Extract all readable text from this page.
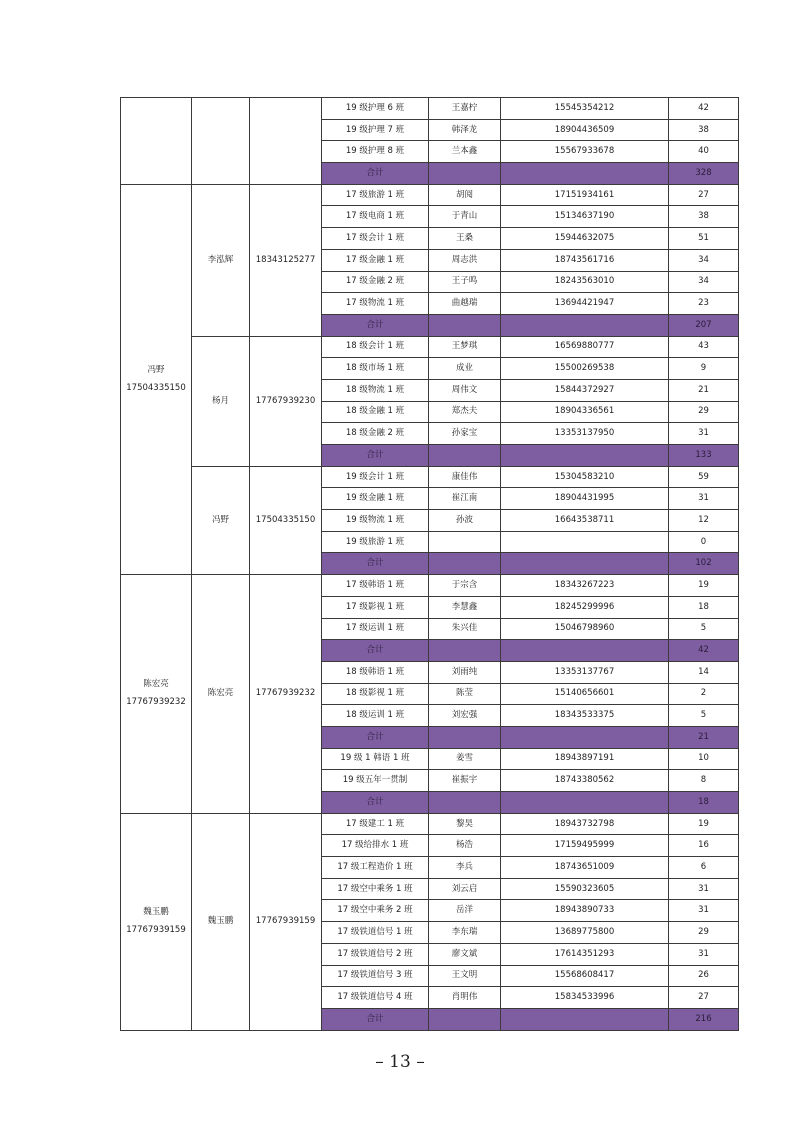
			19 级护理 6 班	王嘉柠	15545354212	42
			19 级护理 7 班	韩泽龙	18904436509	38
			19 级护理 8 班	兰本鑫	15567933678	40
			合计			328

冯野
17504335150	李泓辉	18343125277	17 级旅游 1 班	胡阅	17151934161	27
			17 级电商 1 班	于青山	15134637190	38
			17 级会计 1 班	王桑	15944632075	51
			17 级金融 1 班	周志洪	18743561716	34
			17 级金融 2 班	王子鸣	18243563010	34
			17 级物流 1 班	曲越瑞	13694421947	23
			合计			207
	杨月	17767939230	18 级会计 1 班	王梦琪	16569880777	43
			18 级市场 1 班	成业	15500269538	9
			18 级物流 1 班	周伟文	15844372927	21
			18 级金融 1 班	郑杰夫	18904336561	29
			18 级金融 2 班	孙家宝	13353137950	31
			合计			133
	冯野	17504335150	19 级会计 1 班	康佳伟	15304583210	59
			19 级金融 1 班	崔江南	18904431995	31
			19 级物流 1 班	孙波	16643538711	12
			19 级旅游 1 班			0
			合计			102

陈宏亮
17767939232	陈宏亮	17767939232	17 级韩语 1 班	于宗含	18343267223	19
			17 级影视 1 班	李慧鑫	18245299996	18
			17 级运训 1 班	朱兴佳	15046798960	5
			合计			42
			18 级韩语 1 班	刘雨纯	13353137767	14
			18 级影视 1 班	陈莹	15140656601	2
			18 级运训 1 班	刘宏强	18343533375	5
			合计			21
			19 级 1 韩语 1 班	姜雪	18943897191	10
			19 级五年一贯制	崔振宇	18743380562	8
			合计			18

魏玉鹏
17767939159	魏玉鹏	17767939159	17 级建工 1 班	黎昊	18943732798	19
			17 级给排水 1 班	杨浩	17159495999	16
			17 级工程造价 1 班	李兵	18743651009	6
			17 级空中乘务 1 班	刘云启	15590323605	31
			17 级空中乘务 2 班	岳洋	18943890733	31
			17 级铁道信号 1 班	李东瑞	13689775800	29
			17 级铁道信号 2 班	廖文斌	17614351293	31
			17 级铁道信号 3 班	王文明	15568608417	26
			17 级铁道信号 4 班	肖明伟	15834533996	27
			合计			216
– 13 –
